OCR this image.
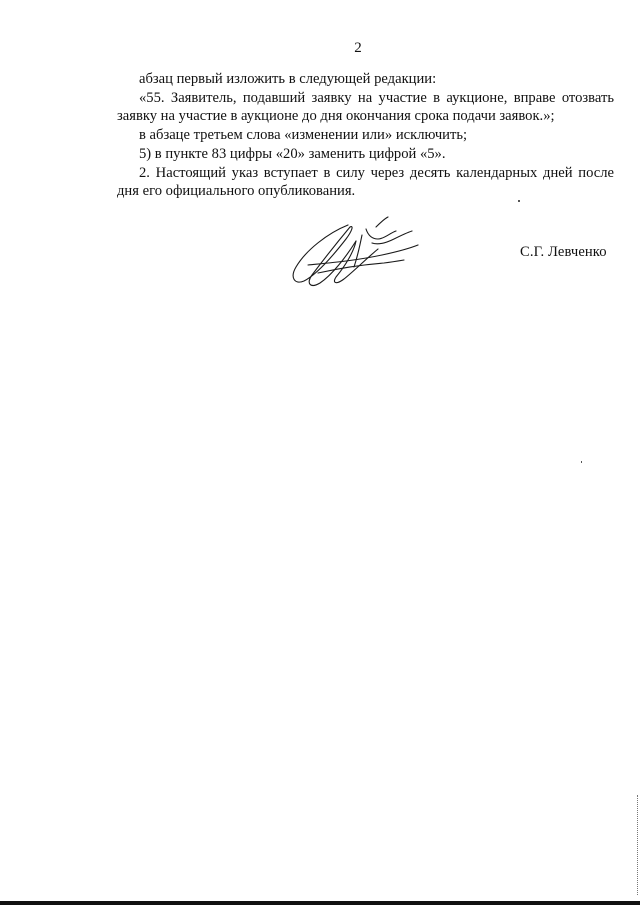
2

абзац первый изложить в следующей редакции:

«55. Заявитель, подавший заявку на участие в аукционе, вправе отозвать заявку на участие в аукционе до дня окончания срока подачи заявок.»;

в абзаце третьем слова «изменении или» исключить;

5) в пункте 83 цифры «20» заменить цифрой «5».

2. Настоящий указ вступает в силу через десять календарных дней после дня его официального опубликования.

С.Г. Левченко
